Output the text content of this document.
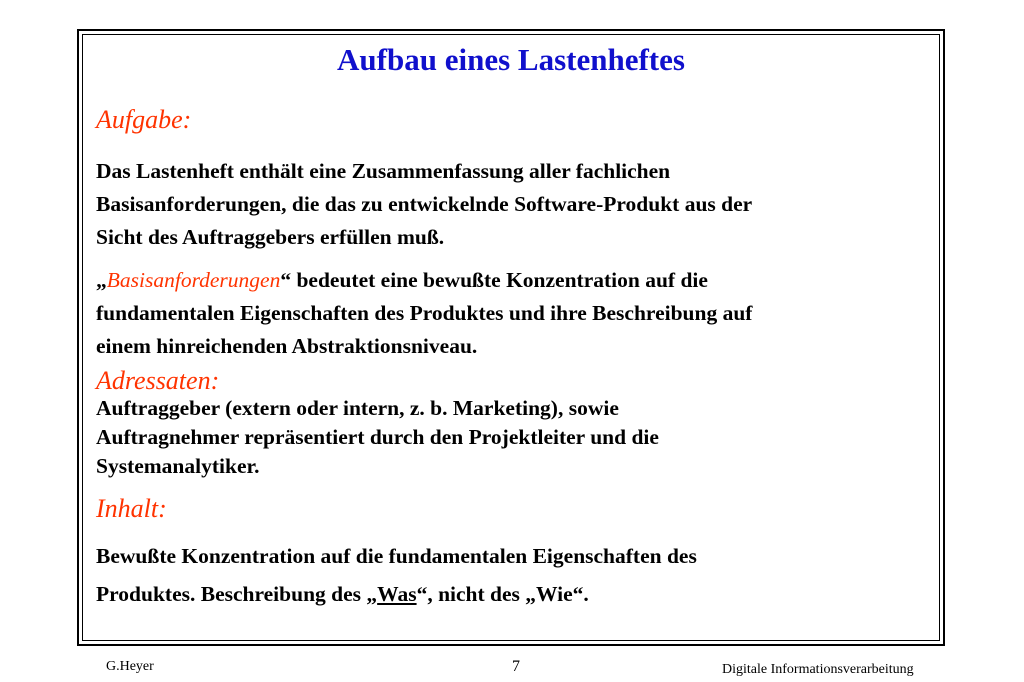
Aufbau eines Lastenheftes
Aufgabe:
Das Lastenheft enthält eine Zusammenfassung aller fachlichen
Basisanforderungen, die das zu entwickelnde Software-Produkt aus der
Sicht des Auftraggebers erfüllen muß.
„Basisanforderungen“ bedeutet eine bewußte Konzentration auf die
fundamentalen Eigenschaften des Produktes und ihre Beschreibung auf
einem hinreichenden Abstraktionsniveau.
Adressaten:
Auftraggeber (extern oder intern, z. b. Marketing), sowie
Auftragnehmer repräsentiert durch den Projektleiter und die
Systemanalytiker.
Inhalt:
Bewußte Konzentration auf die fundamentalen Eigenschaften des
Produktes. Beschreibung des „Was“, nicht des „Wie“.
G.Heyer	7	Digitale Informationsverarbeitung
